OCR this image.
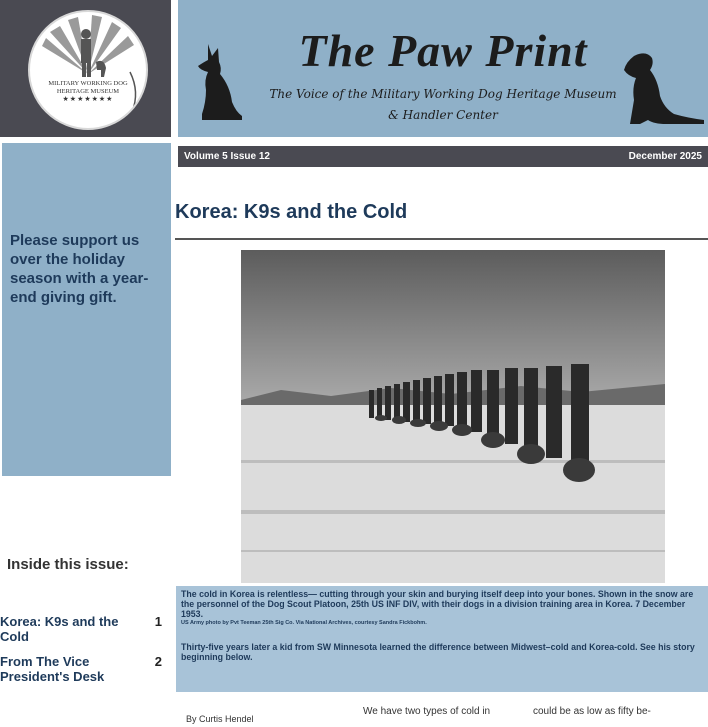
MILITARY WORKING DOG
HERITAGE MUSEUM
★★★★★★★
The Paw Print
The Voice of the Military Working Dog Heritage Museum
& Handler Center
Volume 5 Issue 12	December 2025
Please support us over the holiday season with a year-end giving gift.
Inside this issue:
Korea: K9s and the Cold
1
From The Vice President's Desk
2
Korea: K9s and the Cold
The cold in Korea is relentless— cutting through your skin and burying itself deep into your bones. Shown in the snow are the personnel of the Dog Scout Platoon, 25th US INF DIV, with their dogs in a division training area in Korea. 7 December 1953.
US Army photo by Pvt Teeman 25th Sig Co. Via National Archives, courtesy Sandra Fickbohm.
Thirty-five years later a kid from SW Minnesota learned the difference between Midwest–cold and Korea-cold. See his story beginning below.
By Curtis Hendel
We have two types of cold in	could be as low as fifty be-
